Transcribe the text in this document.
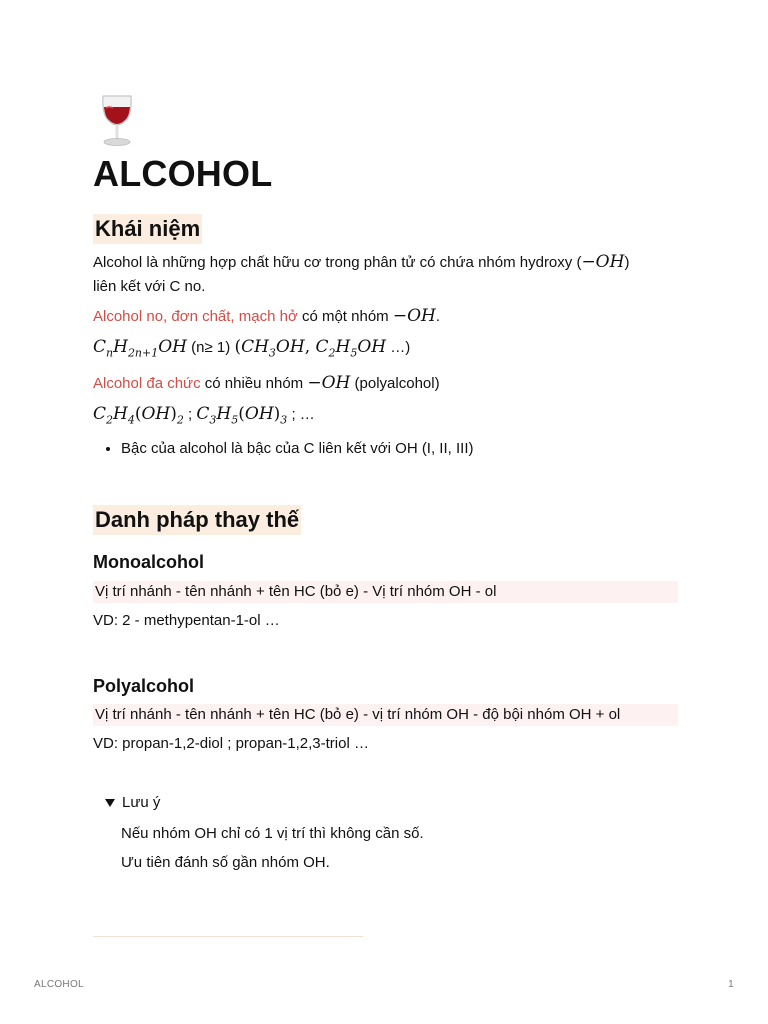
ALCOHOL
Khái niệm

Alcohol là những hợp chất hữu cơ trong phân tử có chứa nhóm hydroxy (−OH)
liên kết với C no.

Alcohol no, đơn chất, mạch hở có một nhóm −OH.

$C_nH_{2n+1}OH$ (n≥ 1) ($CH_3OH$, $C_2H_5OH$ …)

Alcohol đa chức có nhiều nhóm −OH (polyalcohol)

$C_2H_4(OH)_2$ ; $C_3H_5(OH)_3$ ; …

• Bậc của alcohol là bậc của C liên kết với OH (I, II, III)
Danh pháp thay thế
Monoalcohol

Vị trí nhánh - tên nhánh + tên HC (bỏ e) - Vị trí nhóm OH - ol

VD: 2 - methypentan-1-ol …

Polyalcohol

Vị trí nhánh - tên nhánh + tên HC (bỏ e) - vị trí nhóm OH - độ bội nhóm OH + ol

VD: propan-1,2-diol ; propan-1,2,3-triol …

Lưu ý

Nếu nhóm OH chỉ có 1 vị trí thì không cần số.

Ưu tiên đánh số gần nhóm OH.

ALCOHOL	1
